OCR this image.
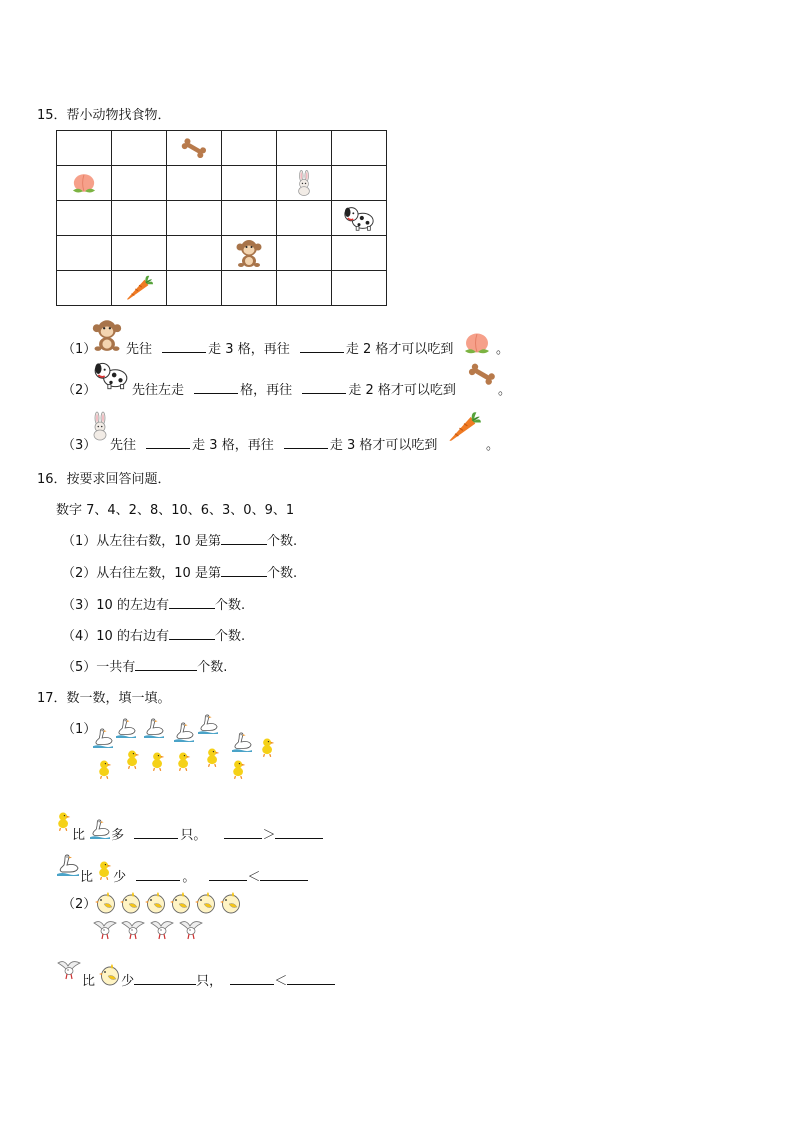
15．帮小动物找食物．

（1） 先往	走 3 格，再往	走 2 格才可以吃到	。
（2）	先往左走	格，再往	走 2 格才可以吃到	。
（3） 先往	走 3 格，再往	走 3 格才可以吃到	。
16．按要求回答问题．
数字 7、4、2、8、10、6、3、0、9、1
（1）从左往右数，10 是第	个数.
（2）从右往左数，10 是第	个数.
（3）10 的左边有	个数.
（4）10 的右边有	个数.
（5）一共有	个数.
17．数一数，填一填。
（1）
比 多	只。	＞
比 少	。	＜
（2）
比 少	只，	＜
